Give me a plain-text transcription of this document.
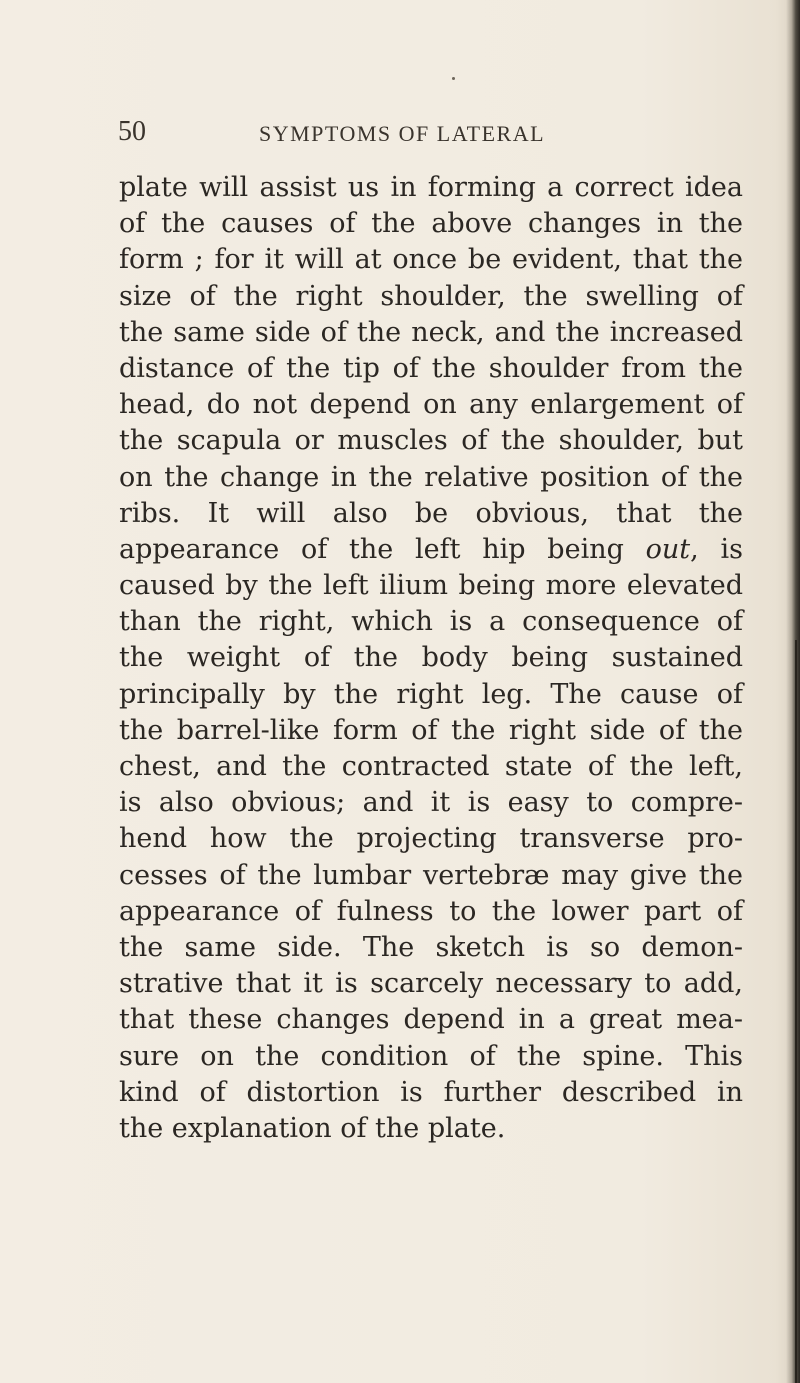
50	SYMPTOMS OF LATERAL
plate will assist us in forming a correct idea
of the causes of the above changes in the
form ; for it will at once be evident, that the
size of the right shoulder, the swelling of
the same side of the neck, and the increased
distance of the tip of the shoulder from the
head, do not depend on any enlargement of
the scapula or muscles of the shoulder, but
on the change in the relative position of the
ribs. It will also be obvious, that the
appearance of the left hip being out, is
caused by the left ilium being more elevated
than the right, which is a consequence of
the weight of the body being sustained
principally by the right leg. The cause of
the barrel-like form of the right side of the
chest, and the contracted state of the left,
is also obvious; and it is easy to compre-
hend how the projecting transverse pro-
cesses of the lumbar vertebræ may give the
appearance of fulness to the lower part of
the same side. The sketch is so demon-
strative that it is scarcely necessary to add,
that these changes depend in a great mea-
sure on the condition of the spine. This
kind of distortion is further described in
the explanation of the plate.
